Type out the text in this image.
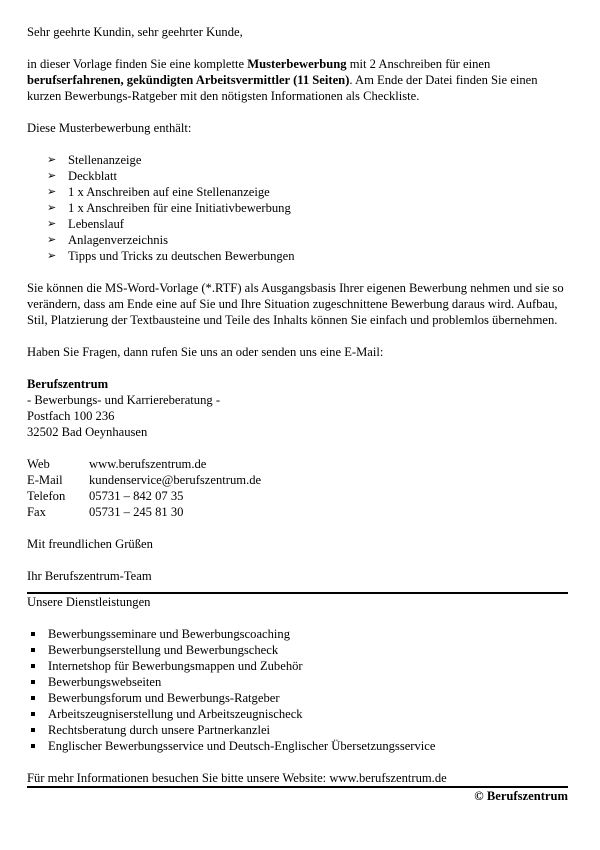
Sehr geehrte Kundin, sehr geehrter Kunde,

in dieser Vorlage finden Sie eine komplette Musterbewerbung mit 2 Anschreiben für einen berufserfahrenen, gekündigten Arbeitsvermittler (11 Seiten). Am Ende der Datei finden Sie einen kurzen Bewerbungs-Ratgeber mit den nötigsten Informationen als Checkliste.

Diese Musterbewerbung enthält:

➢ Stellenanzeige
➢ Deckblatt
➢ 1 x Anschreiben auf eine Stellenanzeige
➢ 1 x Anschreiben für eine Initiativbewerbung
➢ Lebenslauf
➢ Anlagenverzeichnis
➢ Tipps und Tricks zu deutschen Bewerbungen

Sie können die MS-Word-Vorlage (*.RTF) als Ausgangsbasis Ihrer eigenen Bewerbung nehmen und sie so verändern, dass am Ende eine auf Sie und Ihre Situation zugeschnittene Bewerbung daraus wird. Aufbau, Stil, Platzierung der Textbausteine und Teile des Inhalts können Sie einfach und problemlos übernehmen.

Haben Sie Fragen, dann rufen Sie uns an oder senden uns eine E-Mail:

Berufszentrum

- Bewerbungs- und Karriereberatung -

Postfach 100 236

32502 Bad Oeynhausen

Web	www.berufszentrum.de
E-Mail	kundenservice@berufszentrum.de
Telefon	05731 – 842 07 35
Fax	05731 – 245 81 30

Mit freundlichen Grüßen

Ihr Berufszentrum-Team

Unsere Dienstleistungen

Bewerbungsseminare und Bewerbungscoaching
Bewerbungserstellung und Bewerbungscheck
Internetshop für Bewerbungsmappen und Zubehör
Bewerbungswebseiten
Bewerbungsforum und Bewerbungs-Ratgeber
Arbeitszeugniserstellung und Arbeitszeugnischeck
Rechtsberatung durch unsere Partnerkanzlei
Englischer Bewerbungsservice und Deutsch-Englischer Übersetzungsservice

Für mehr Informationen besuchen Sie bitte unsere Website: www.berufszentrum.de

© Berufszentrum
